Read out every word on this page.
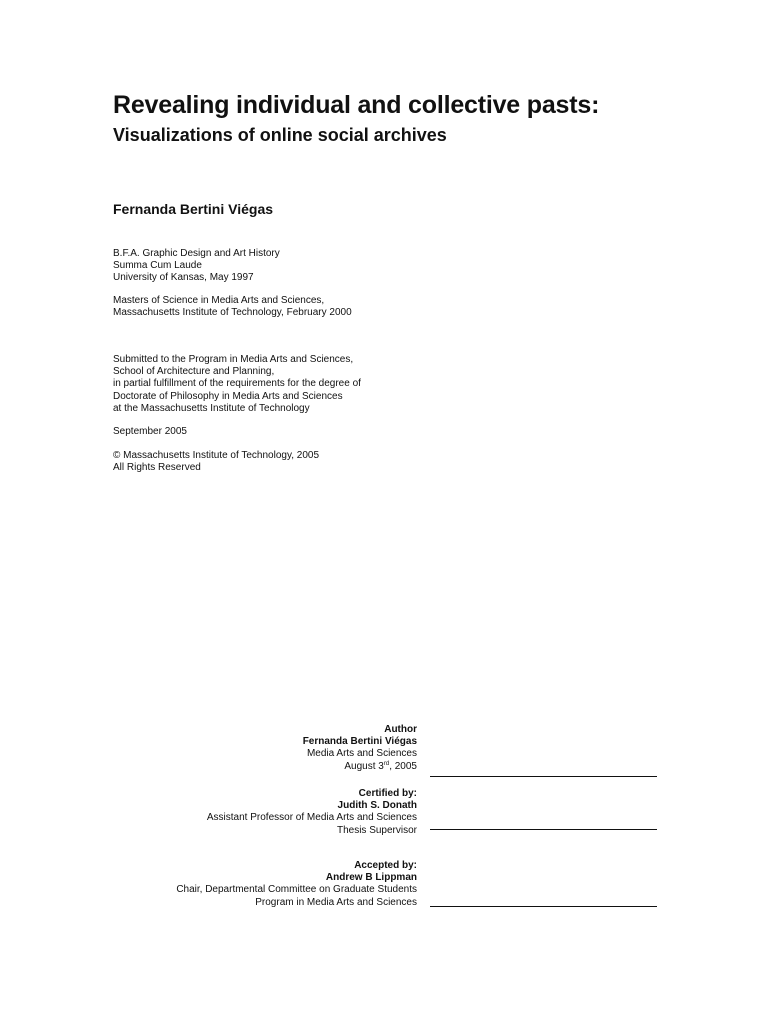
Revealing individual and collective pasts:
Visualizations of online social archives
Fernanda Bertini Viégas
B.F.A. Graphic Design and Art History
Summa Cum Laude
University of Kansas, May 1997
Masters of Science in Media Arts and Sciences,
Massachusetts Institute of Technology, February 2000
Submitted to the Program in Media Arts and Sciences,
School of Architecture and Planning,
in partial fulfillment of the requirements for the degree of
Doctorate of Philosophy in Media Arts and Sciences
at the Massachusetts Institute of Technology
September 2005
© Massachusetts Institute of Technology, 2005
All Rights Reserved
Author
Fernanda Bertini Viégas
Media Arts and Sciences
August 3rd, 2005
Certified by:
Judith S. Donath
Assistant Professor of Media Arts and Sciences
Thesis Supervisor
Accepted by:
Andrew B Lippman
Chair, Departmental Committee on Graduate Students
Program in Media Arts and Sciences
